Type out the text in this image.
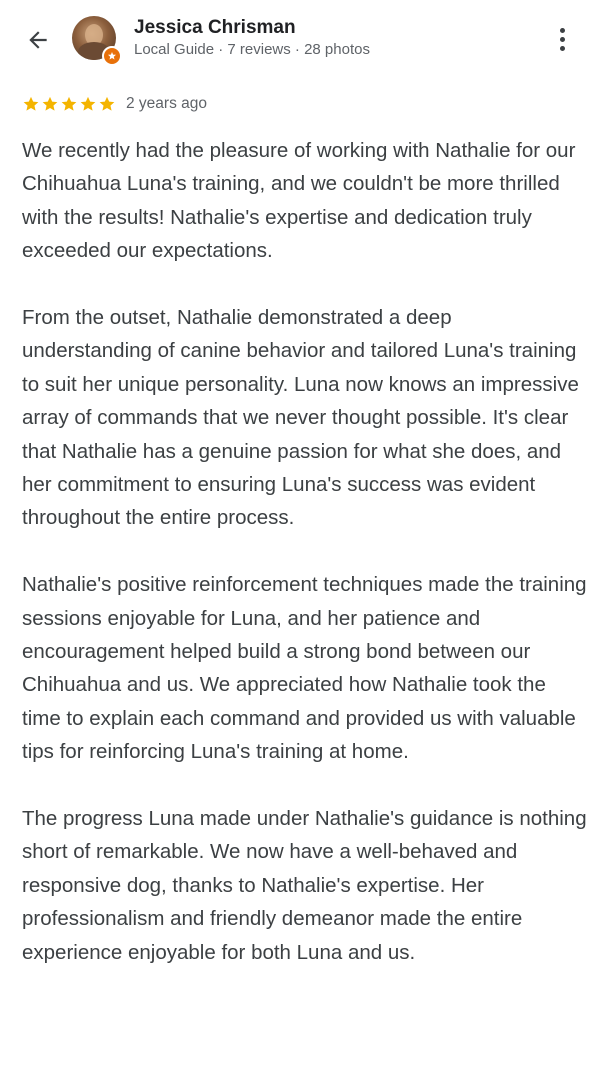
Jessica Chrisman
Local Guide · 7 reviews · 28 photos
2 years ago

We recently had the pleasure of working with Nathalie for our Chihuahua Luna's training, and we couldn't be more thrilled with the results! Nathalie's expertise and dedication truly exceeded our expectations.

From the outset, Nathalie demonstrated a deep understanding of canine behavior and tailored Luna's training to suit her unique personality. Luna now knows an impressive array of commands that we never thought possible. It's clear that Nathalie has a genuine passion for what she does, and her commitment to ensuring Luna's success was evident throughout the entire process.

Nathalie's positive reinforcement techniques made the training sessions enjoyable for Luna, and her patience and encouragement helped build a strong bond between our Chihuahua and us. We appreciated how Nathalie took the time to explain each command and provided us with valuable tips for reinforcing Luna's training at home.

The progress Luna made under Nathalie's guidance is nothing short of remarkable. We now have a well-behaved and responsive dog, thanks to Nathalie's expertise. Her professionalism and friendly demeanor made the entire experience enjoyable for both Luna and us.
